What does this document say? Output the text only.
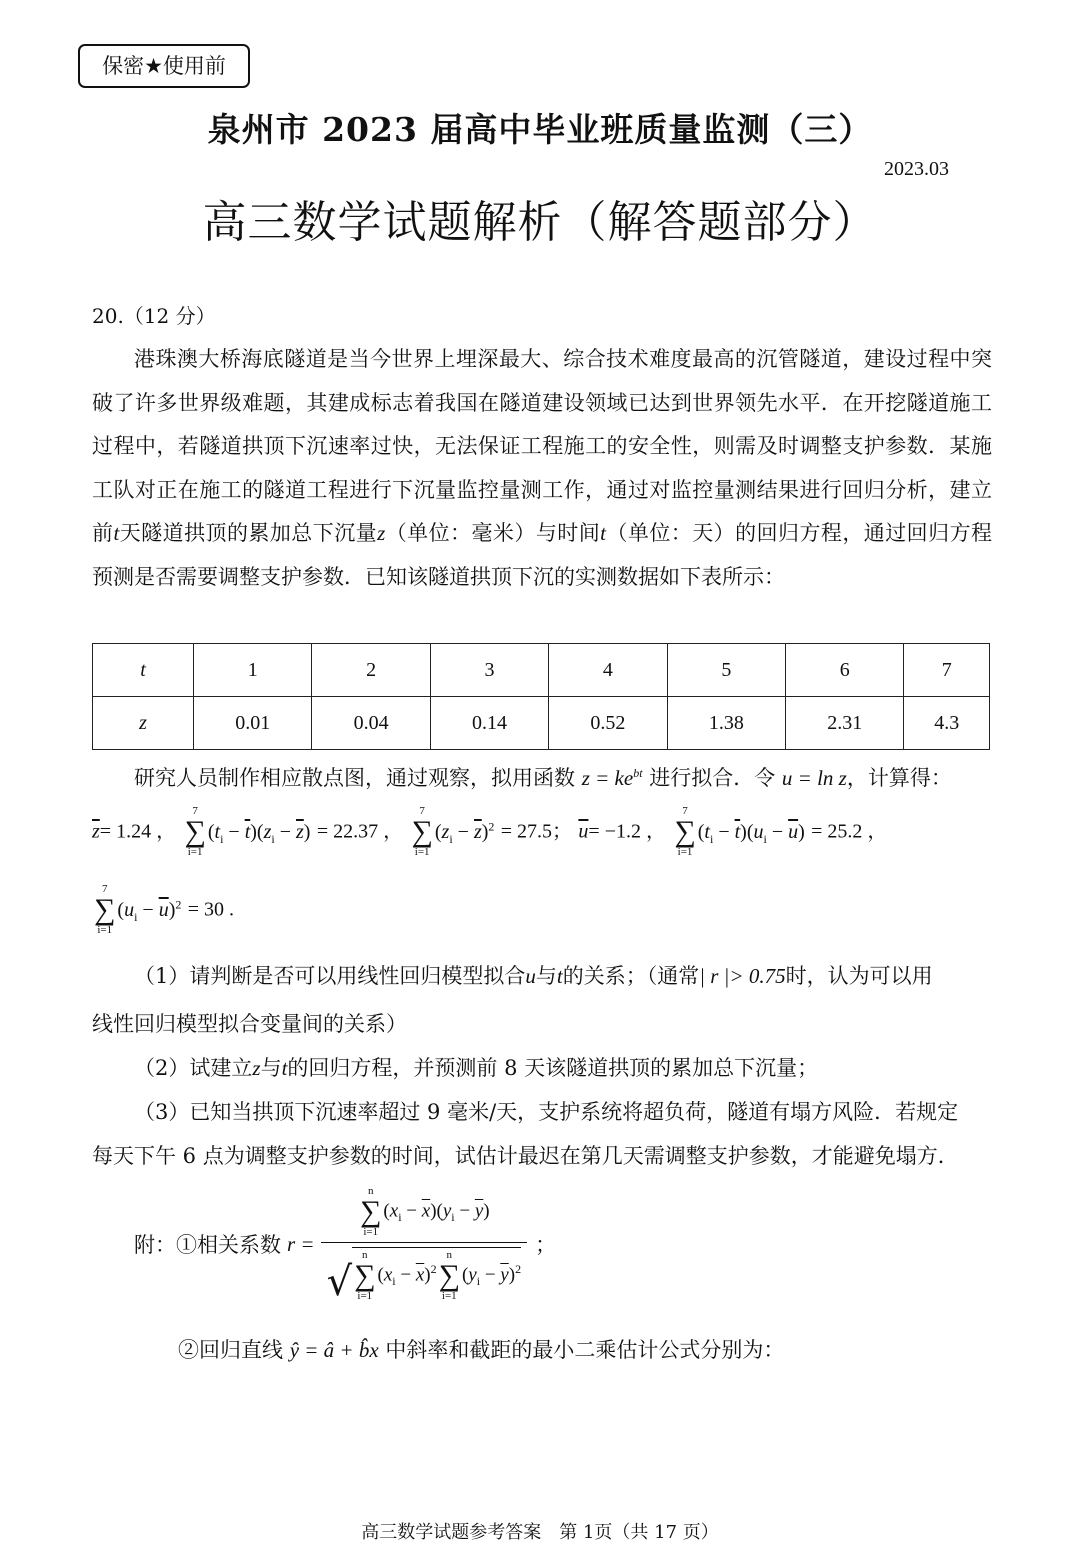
保密★使用前
泉州市 2023 届高中毕业班质量监测（三）
2023.03
高三数学试题解析（解答题部分）
20.（12 分）
港珠澳大桥海底隧道是当今世界上埋深最大、综合技术难度最高的沉管隧道，建设过程中突破了许多世界级难题，其建成标志着我国在隧道建设领域已达到世界领先水平．在开挖隧道施工过程中，若隧道拱顶下沉速率过快，无法保证工程施工的安全性，则需及时调整支护参数．某施工队对正在施工的隧道工程进行下沉量监控量测工作，通过对监控量测结果进行回归分析，建立前t天隧道拱顶的累加总下沉量z（单位：毫米）与时间t（单位：天）的回归方程，通过回归方程预测是否需要调整支护参数．已知该隧道拱顶下沉的实测数据如下表所示：
t	1	2	3	4	5	6	7
z	0.01	0.04	0.14	0.52	1.38	2.31	4.3
研究人员制作相应散点图，通过观察，拟用函数 $z = ke^{bt}$ 进行拟合．令 u = ln z，计算得：
$\overline{z}= 1.24$ ，
7
∑
i=1
$(t_i - \overline{t})(z_i - \overline{z}) = 22.37$ ，
7
∑
i=1
$(z_i - \overline{z})^2 = 27.5$； $\overline{u}= -1.2$ ，
7
∑
i=1
$(t_i - \overline{t})(u_i - \overline{u}) = 25.2$ ，
7
∑
i=1
$(u_i - \overline{u})^2 = 30$ .
（1）请判断是否可以用线性回归模型拟合u与t的关系；（通常| r |> 0.75时，认为可以用
线性回归模型拟合变量间的关系）
（2）试建立z与t的回归方程，并预测前 8 天该隧道拱顶的累加总下沉量；
（3）已知当拱顶下沉速率超过 9 毫米/天，支护系统将超负荷，隧道有塌方风险．若规定
每天下午 6 点为调整支护参数的时间，试估计最迟在第几天需调整支护参数，才能避免塌方．
附：①相关系数 r = n
∑
i=1
$(x_i - \overline{x})(y_i - \overline{y})$
√
n
∑
i=1
$(x_i - \overline{x})^2$
n
∑
i=1
$(y_i - \overline{y})^2$ ；
②回归直线 ŷ = â + b̂x 中斜率和截距的最小二乘估计公式分别为：
高三数学试题参考答案　第 1页（共 17 页）
